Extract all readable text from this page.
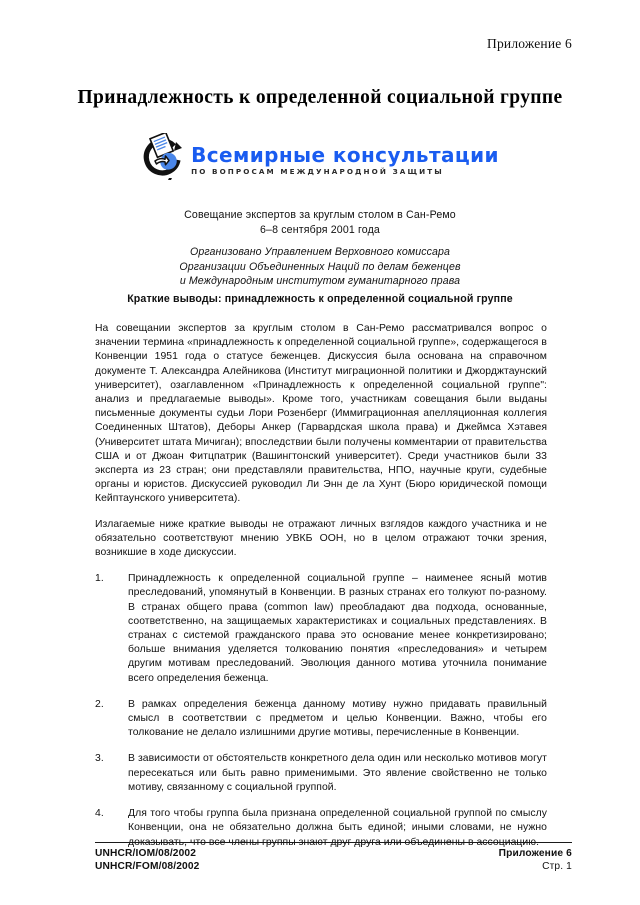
Приложение 6
Принадлежность к определенной социальной группе
Всемирные консультации
ПО ВОПРОСАМ МЕЖДУНАРОДНОЙ ЗАЩИТЫ
Совещание экспертов за круглым столом в Сан-Ремо
6–8 сентября 2001 года
Организовано Управлением Верховного комиссара
Организации Объединенных Наций по делам беженцев
и Международным институтом гуманитарного права
Краткие выводы: принадлежность к определенной социальной группе

На совещании экспертов за круглым столом в Сан-Ремо рассматривался вопрос о значении термина «принадлежность к определенной социальной группе», содержащегося в Конвенции 1951 года о статусе беженцев. Дискуссия была основана на справочном документе Т. Александра Алейникова (Институт миграционной политики и Джорджтаунский университет), озаглавленном «Принадлежность к определенной социальной группе": анализ и предлагаемые выводы». Кроме того, участникам совещания были выданы письменные документы судьи Лори Розенберг (Иммиграционная апелляционная коллегия Соединенных Штатов), Деборы Анкер (Гарвардская школа права) и Джеймса Хэтавея (Университет штата Мичиган); впоследствии были получены комментарии от правительства США и от Джоан Фитцпатрик (Вашингтонский университет). Среди участников были 33 эксперта из 23 стран; они представляли правительства, НПО, научные круги, судебные органы и юристов. Дискуссией руководил Ли Энн де ла Хунт (Бюро юридической помощи Кейптаунского университета).

Излагаемые ниже краткие выводы не отражают личных взглядов каждого участника и не обязательно соответствуют мнению УВКБ ООН, но в целом отражают точки зрения, возникшие в ходе дискуссии.

1.	Принадлежность к определенной социальной группе – наименее ясный мотив преследований, упомянутый в Конвенции. В разных странах его толкуют по-разному. В странах общего права (common law) преобладают два подхода, основанные, соответственно, на защищаемых характеристиках и социальных представлениях. В странах с системой гражданского права это основание менее конкретизировано; больше внимания уделяется толкованию понятия «преследования» и четырем другим мотивам преследований. Эволюция данного мотива уточнила понимание всего определения беженца.
2.	В рамках определения беженца данному мотиву нужно придавать правильный смысл в соответствии с предметом и целью Конвенции. Важно, чтобы его толкование не делало излишними другие мотивы, перечисленные в Конвенции.
3.	В зависимости от обстоятельств конкретного дела один или несколько мотивов могут пересекаться или быть равно применимыми. Это явление свойственно не только мотиву, связанному с социальной группой.
4.	Для того чтобы группа была признана определенной социальной группой по смыслу Конвенции, она не обязательно должна быть единой; иными словами, не нужно доказывать, что все члены группы знают друг друга или объединены в ассоциацию.
UNHCR/IOM/08/2002
UNHCR/FOM/08/2002
Приложение 6
Стр. 1
